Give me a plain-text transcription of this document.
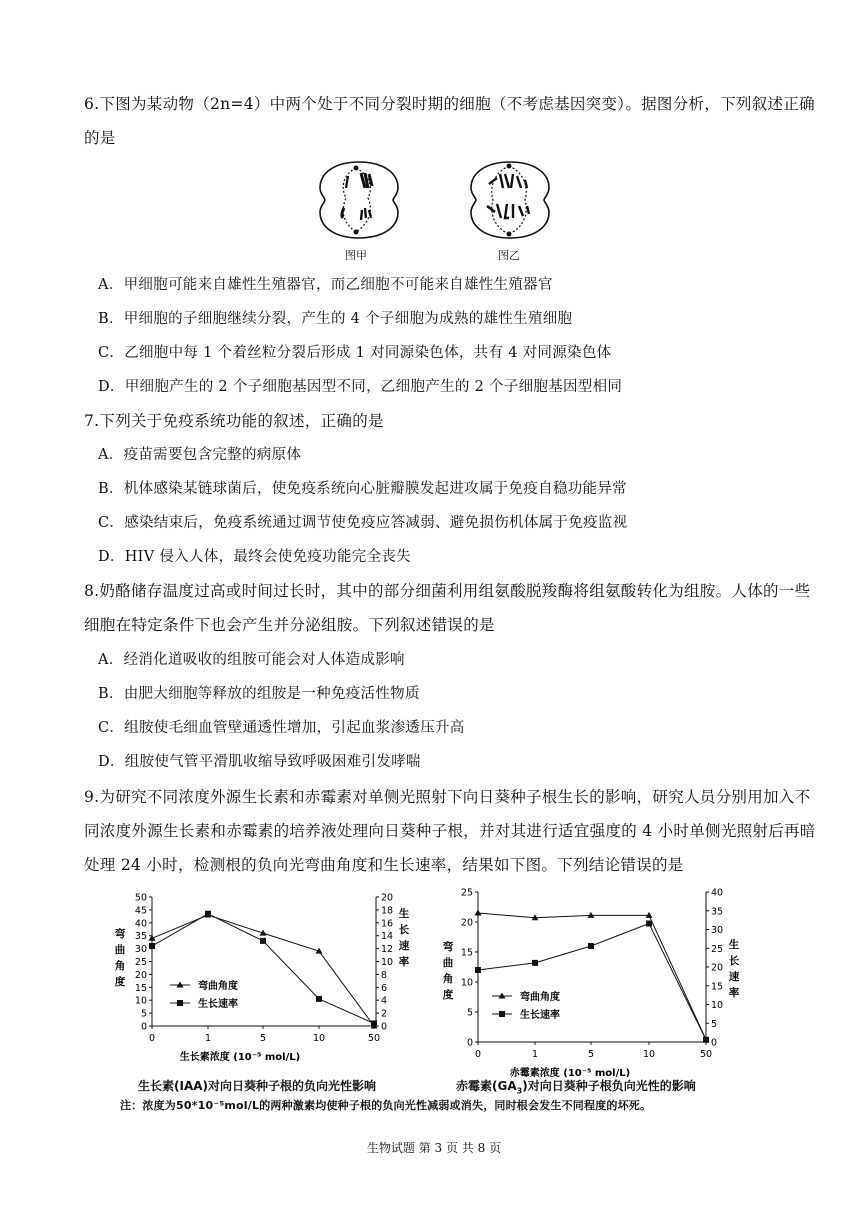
6.下图为某动物（2n=4）中两个处于不同分裂时期的细胞（不考虑基因突变）。据图分析，下列叙述正确
的是
图甲	图乙
A．甲细胞可能来自雄性生殖器官，而乙细胞不可能来自雄性生殖器官
B．甲细胞的子细胞继续分裂，产生的 4 个子细胞为成熟的雄性生殖细胞
C．乙细胞中每 1 个着丝粒分裂后形成 1 对同源染色体，共有 4 对同源染色体
D．甲细胞产生的 2 个子细胞基因型不同，乙细胞产生的 2 个子细胞基因型相同
7.下列关于免疫系统功能的叙述，正确的是
A．疫苗需要包含完整的病原体
B．机体感染某链球菌后，使免疫系统向心脏瓣膜发起进攻属于免疫自稳功能异常
C．感染结束后，免疫系统通过调节使免疫应答减弱、避免损伤机体属于免疫监视
D．HIV 侵入人体，最终会使免疫功能完全丧失
8.奶酪储存温度过高或时间过长时，其中的部分细菌利用组氨酸脱羧酶将组氨酸转化为组胺。人体的一些
细胞在特定条件下也会产生并分泌组胺。下列叙述错误的是
A．经消化道吸收的组胺可能会对人体造成影响
B．由肥大细胞等释放的组胺是一种免疫活性物质
C．组胺使毛细血管壁通透性增加，引起血浆渗透压升高
D．组胺使气管平滑肌收缩导致呼吸困难引发哮喘
9.为研究不同浓度外源生长素和赤霉素对单侧光照射下向日葵种子根生长的影响，研究人员分别用加入不
同浓度外源生长素和赤霉素的培养液处理向日葵种子根，并对其进行适宜强度的 4 小时单侧光照射后再暗
处理 24 小时，检测根的负向光弯曲角度和生长速率，结果如下图。下列结论错误的是
0
5
10
15
20
25
30
35
40
45
50
0
2
4
6
8
10
12
14
16
18
20
0	1	5	10	50
弯
曲
角
度
生
长
速
率
生长素浓度 (10⁻⁵ mol/L)
弯曲角度
生长速率
0
5
10
15
20
25
0
5
10
15
20
25
30
35
40
0	1	5	10	50
弯
曲
角
度
生
长
速
率
赤霉素浓度 (10⁻⁵ mol/L)
弯曲角度
生长速率
生长素(IAA)对向日葵种子根的负向光性影响	赤霉素$(GA_3)$对向日葵种子根负向光性的影响
注：浓度为50*10⁻⁵mol/L的两种激素均使种子根的负向光性减弱或消失，同时根会发生不同程度的坏死。
生物试题 第 3 页 共 8 页
